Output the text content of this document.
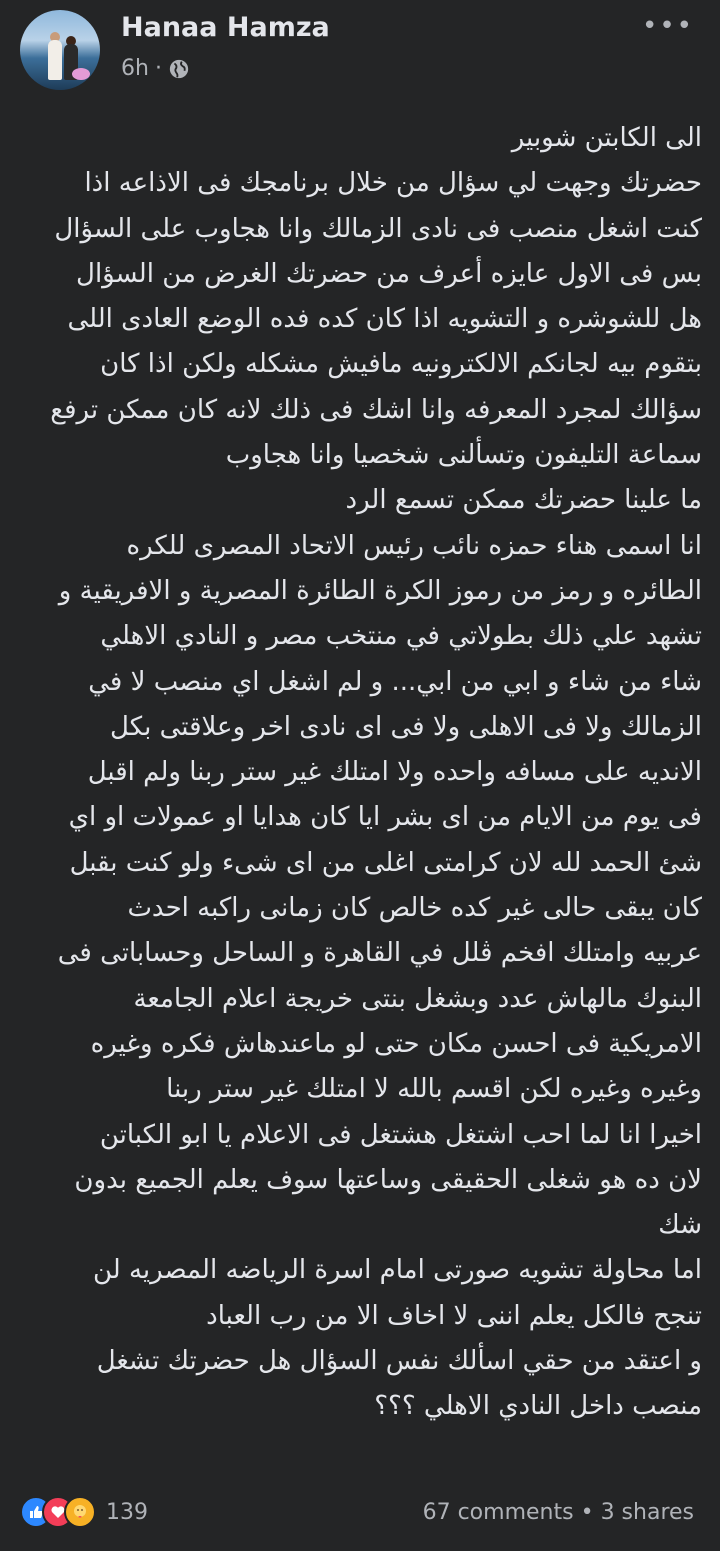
Hanaa Hamza
6h ·
•••
الى الكابتن شوبير
حضرتك وجهت لي سؤال من خلال برنامجك فى الاذاعه اذا
كنت اشغل منصب فى نادى الزمالك وانا هجاوب على السؤال
بس فى الاول عايزه أعرف من حضرتك الغرض من السؤال
هل للشوشره و التشويه اذا كان كده فده الوضع العادى اللى
بتقوم بيه لجانكم الالكترونيه مافيش مشكله ولكن اذا كان
سؤالك لمجرد المعرفه وانا اشك فى ذلك لانه كان ممكن ترفع
سماعة التليفون وتسألنى شخصيا وانا هجاوب
ما علينا حضرتك ممكن تسمع الرد
انا اسمى هناء حمزه نائب رئيس الاتحاد المصرى للكره
الطائره و رمز من رموز الكرة الطائرة المصرية و الافريقية و
تشهد علي ذلك بطولاتي في منتخب مصر و النادي الاهلي
شاء من شاء و ابي من ابي... و لم اشغل اي منصب لا في
الزمالك ولا فى الاهلى ولا فى اى نادى اخر وعلاقتى بكل
الانديه على مسافه واحده ولا امتلك غير ستر ربنا ولم اقبل
فى يوم من الايام من اى بشر ايا كان هدايا او عمولات او اي
شئ الحمد لله لان كرامتى اغلى من اى شىء ولو كنت بقبل
كان يبقى حالى غير كده خالص كان زمانى راكبه احدث
عربيه وامتلك افخم ڤلل في القاهرة و الساحل وحساباتى فى
البنوك مالهاش عدد وبشغل بنتى خريجة اعلام الجامعة
الامريكية فى احسن مكان حتى لو ماعندهاش فكره وغيره
وغيره وغيره لكن اقسم بالله لا امتلك غير ستر ربنا
اخيرا انا لما احب اشتغل هشتغل فى الاعلام يا ابو الكباتن
لان ده هو شغلى الحقيقى وساعتها سوف يعلم الجميع بدون
شك
اما محاولة تشويه صورتى امام اسرة الرياضه المصريه لن
تنجح فالكل يعلم اننى لا اخاف الا من رب العباد
و اعتقد من حقي اسألك نفس السؤال هل حضرتك تشغل
منصب داخل النادي الاهلي ؟؟؟
139	67 comments • 3 shares
